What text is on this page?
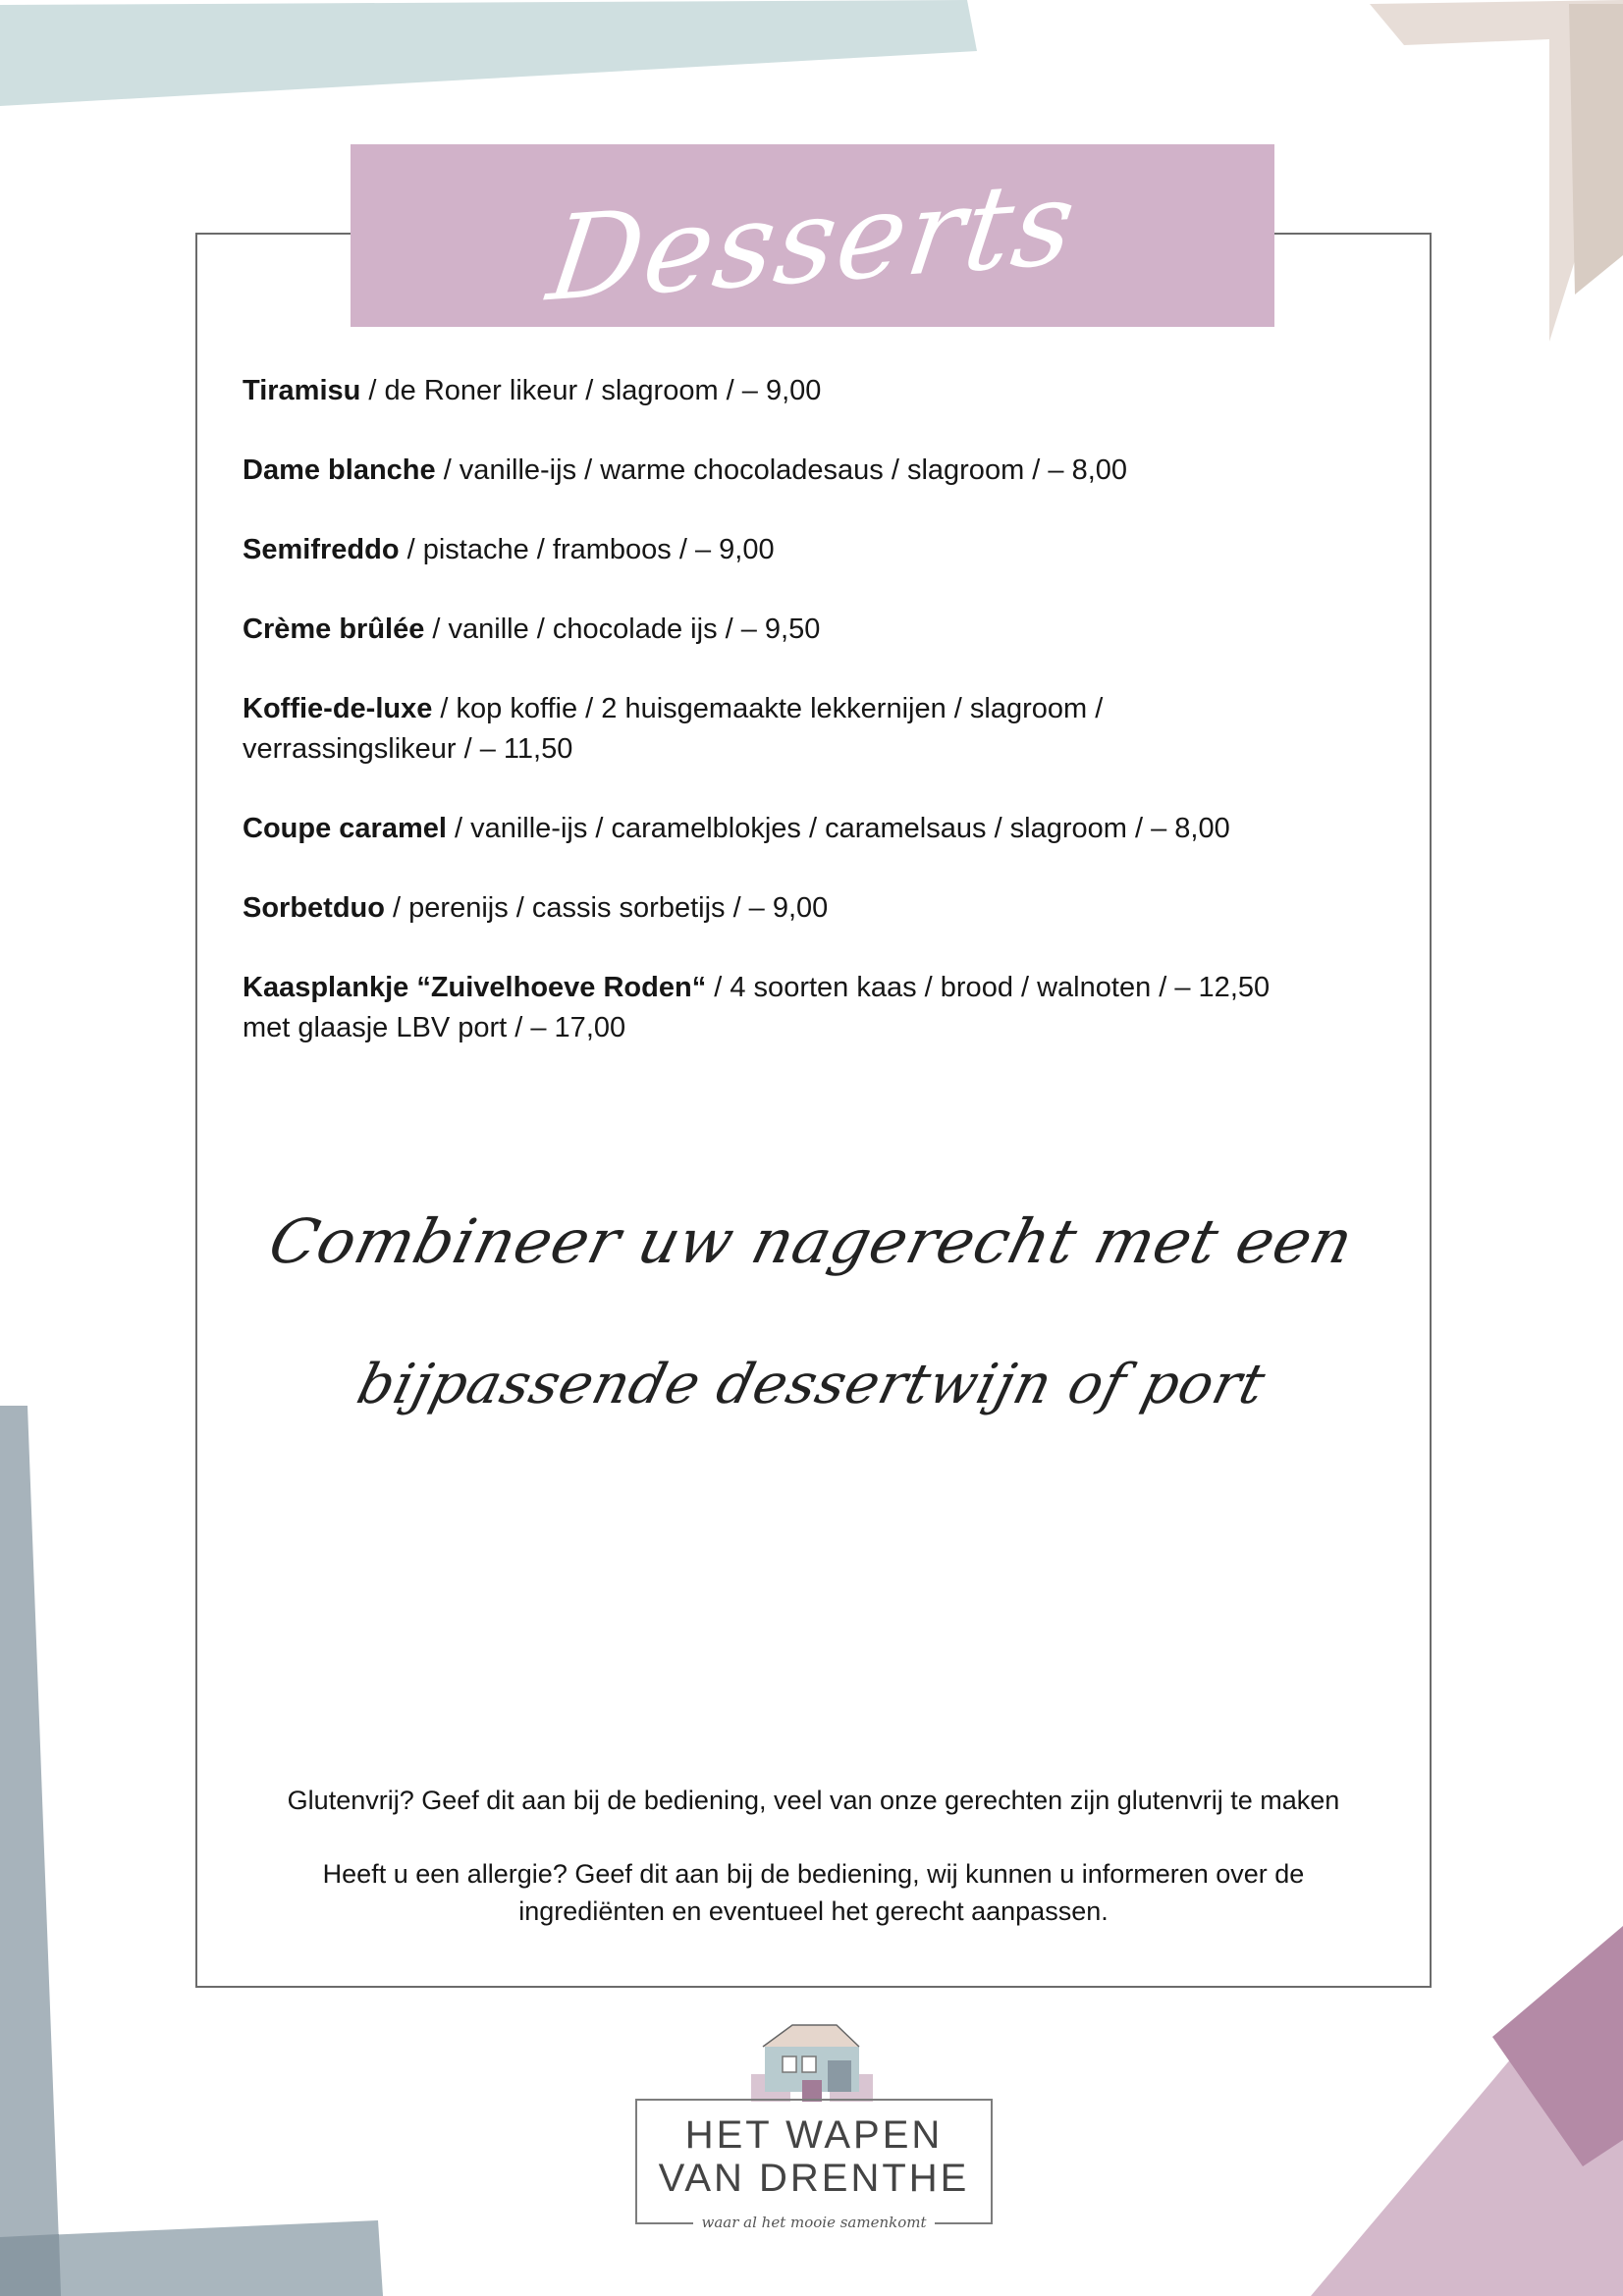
Desserts
Tiramisu / de Roner likeur / slagroom / – 9,00
Dame blanche / vanille-ijs / warme chocoladesaus / slagroom / – 8,00
Semifreddo / pistache / framboos / – 9,00
Crème brûlée / vanille / chocolade ijs / – 9,50
Koffie-de-luxe / kop koffie / 2 huisgemaakte lekkernijen / slagroom /
verrassingslikeur / – 11,50
Coupe caramel / vanille-ijs / caramelblokjes / caramelsaus / slagroom / – 8,00
Sorbetduo / perenijs / cassis sorbetijs / – 9,00
Kaasplankje “Zuivelhoeve Roden“ / 4 soorten kaas / brood / walnoten / – 12,50
met glaasje LBV port / – 17,00
Combineer uw nagerecht met een
bijpassende dessertwijn of port
Glutenvrij? Geef dit aan bij de bediening, veel van onze gerechten zijn glutenvrij te maken
Heeft u een allergie? Geef dit aan bij de bediening, wij kunnen u informeren over de
ingrediënten en eventueel het gerecht aanpassen.
HET WAPEN
VAN DRENTHE
waar al het mooie samenkomt
